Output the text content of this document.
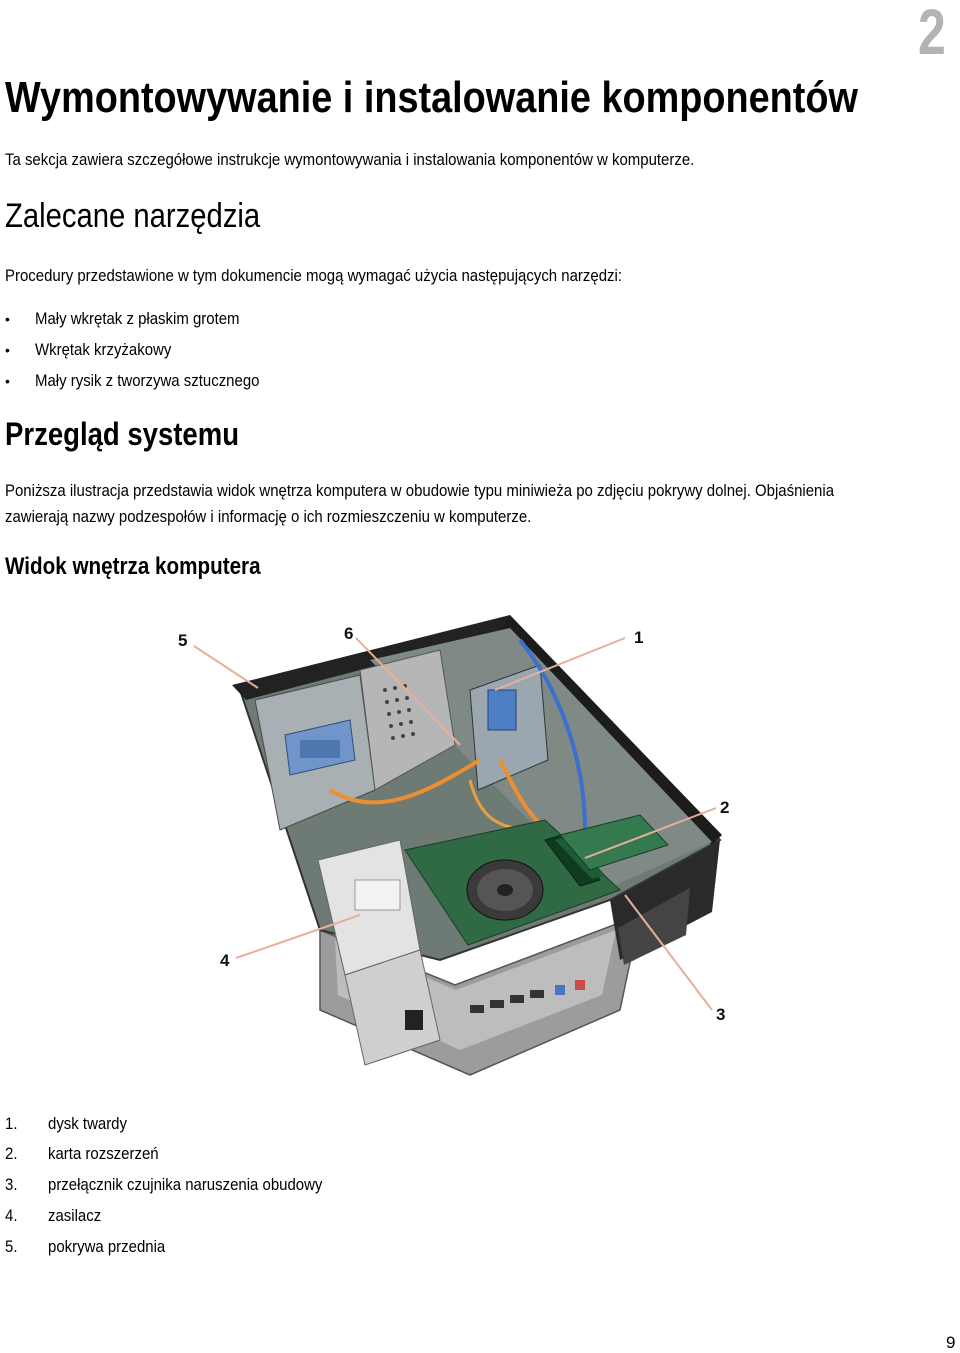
2
Wymontowywanie i instalowanie komponentów
Ta sekcja zawiera szczegółowe instrukcje wymontowywania i instalowania komponentów w komputerze.
Zalecane narzędzia
Procedury przedstawione w tym dokumencie mogą wymagać użycia następujących narzędzi:
• Mały wkrętak z płaskim grotem
• Wkrętak krzyżakowy
• Mały rysik z tworzywa sztucznego
Przegląd systemu
Poniższa ilustracja przedstawia widok wnętrza komputera w obudowie typu miniwieża po zdjęciu pokrywy dolnej. Objaśnienia
zawierają nazwy podzespołów i informację o ich rozmieszczeniu w komputerze.
Widok wnętrza komputera
1
2
3
4
5	6
1. dysk twardy
2. karta rozszerzeń
3. przełącznik czujnika naruszenia obudowy
4. zasilacz
5. pokrywa przednia
9
